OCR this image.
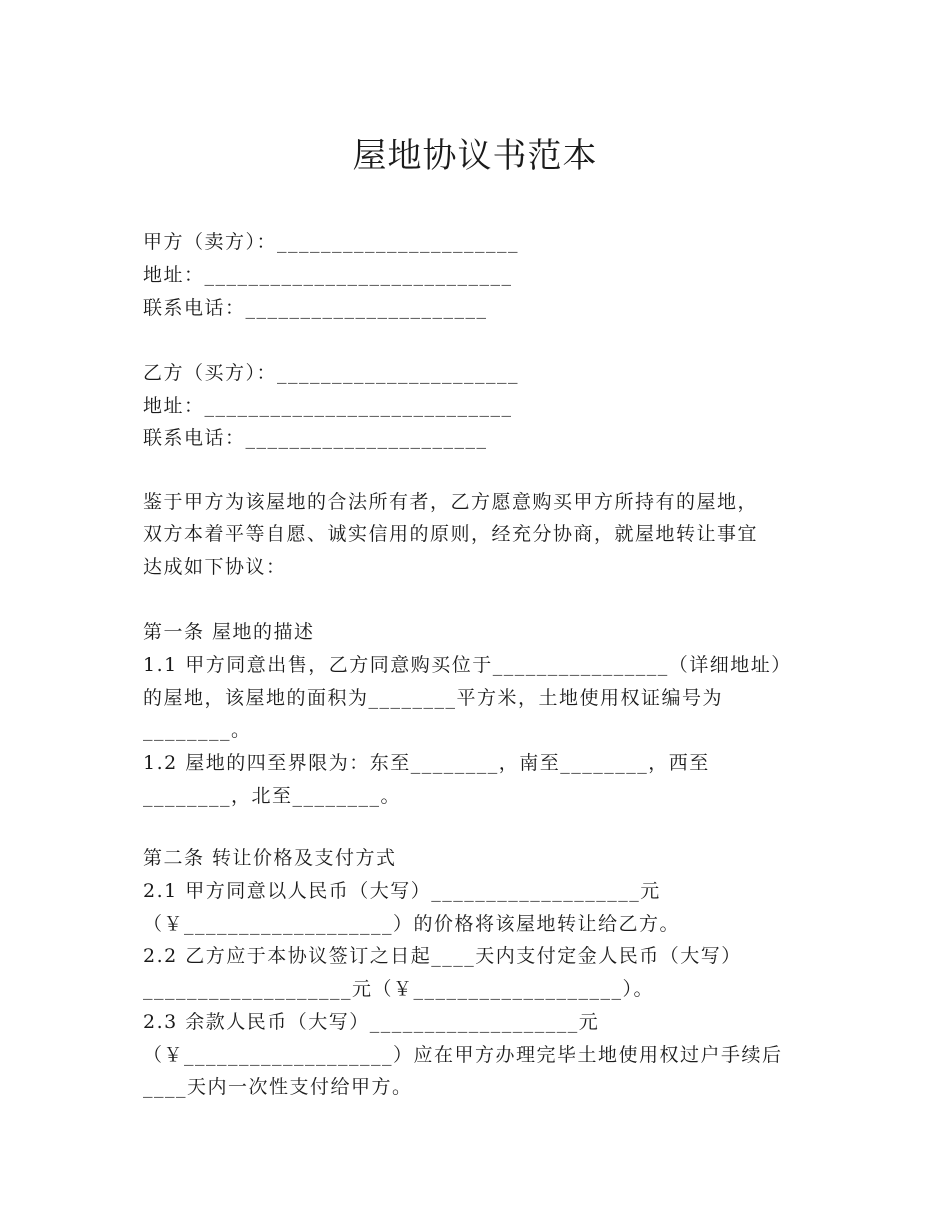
屋地协议书范本
甲方（卖方）：______________________
地址：____________________________
联系电话：______________________
乙方（买方）：______________________
地址：____________________________
联系电话：______________________
鉴于甲方为该屋地的合法所有者，乙方愿意购买甲方所持有的屋地，
双方本着平等自愿、诚实信用的原则，经充分协商，就屋地转让事宜
达成如下协议：
第一条 屋地的描述
1.1 甲方同意出售，乙方同意购买位于________________（详细地址）
的屋地，该屋地的面积为________平方米，土地使用权证编号为
________。
1.2 屋地的四至界限为：东至________，南至________，西至
________，北至________。
第二条 转让价格及支付方式
2.1 甲方同意以人民币（大写）___________________元
（￥___________________）的价格将该屋地转让给乙方。
2.2 乙方应于本协议签订之日起____天内支付定金人民币（大写）
___________________元（￥___________________）。
2.3 余款人民币（大写）___________________元
（￥___________________）应在甲方办理完毕土地使用权过户手续后
____天内一次性支付给甲方。
